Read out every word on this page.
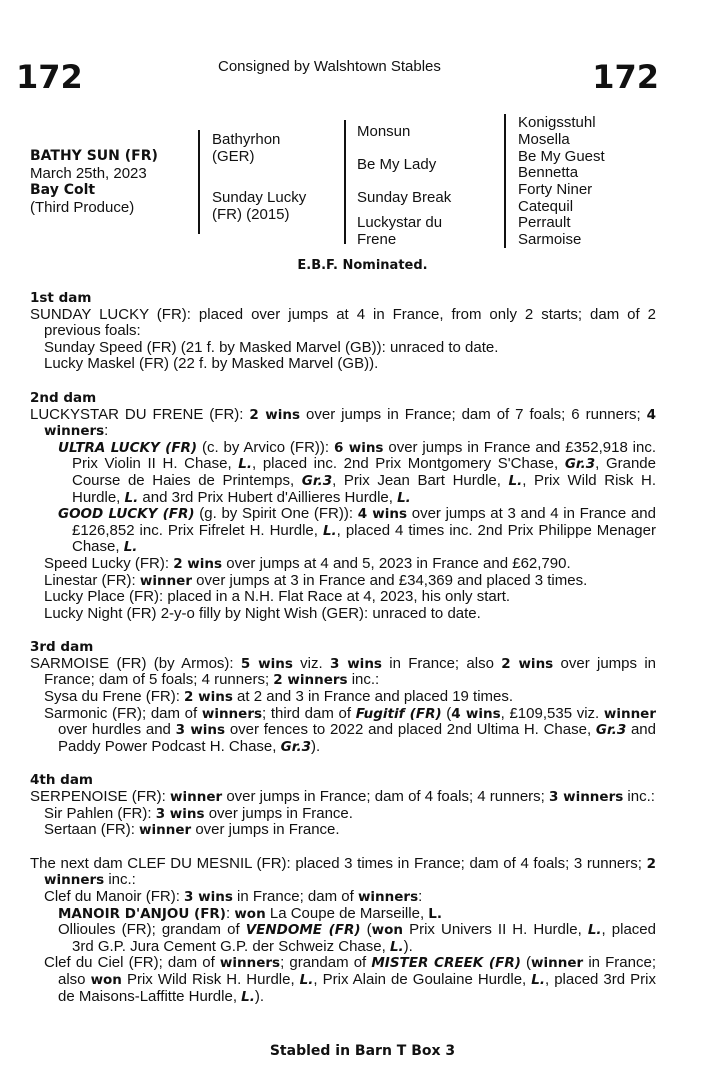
172	Consigned by Walshtown Stables	172
BATHY SUN (FR)
March 25th, 2023
Bay Colt
(Third Produce)
Bathyrhon (GER)
Sunday Lucky (FR) (2015)
Monsun
Be My Lady
Sunday Break
Luckystar du Frene
Konigsstuhl
Mosella
Be My Guest
Bennetta
Forty Niner
Catequil
Perrault
Sarmoise
E.B.F. Nominated.
1st dam
SUNDAY LUCKY (FR): placed over jumps at 4 in France, from only 2 starts; dam of 2 previous foals:
Sunday Speed (FR) (21 f. by Masked Marvel (GB)): unraced to date.
Lucky Maskel (FR) (22 f. by Masked Marvel (GB)).
2nd dam
LUCKYSTAR DU FRENE (FR): 2 wins over jumps in France; dam of 7 foals; 6 runners; 4 winners:
ULTRA LUCKY (FR) (c. by Arvico (FR)): 6 wins over jumps in France and £352,918 inc. Prix Violin II H. Chase, L., placed inc. 2nd Prix Montgomery S'Chase, Gr.3, Grande Course de Haies de Printemps, Gr.3, Prix Jean Bart Hurdle, L., Prix Wild Risk H. Hurdle, L. and 3rd Prix Hubert d'Aillieres Hurdle, L.
GOOD LUCKY (FR) (g. by Spirit One (FR)): 4 wins over jumps at 3 and 4 in France and £126,852 inc. Prix Fifrelet H. Hurdle, L., placed 4 times inc. 2nd Prix Philippe Menager Chase, L.
Speed Lucky (FR): 2 wins over jumps at 4 and 5, 2023 in France and £62,790.
Linestar (FR): winner over jumps at 3 in France and £34,369 and placed 3 times.
Lucky Place (FR): placed in a N.H. Flat Race at 4, 2023, his only start.
Lucky Night (FR) 2-y-o filly by Night Wish (GER): unraced to date.
3rd dam
SARMOISE (FR) (by Armos): 5 wins viz. 3 wins in France; also 2 wins over jumps in France; dam of 5 foals; 4 runners; 2 winners inc.:
Sysa du Frene (FR): 2 wins at 2 and 3 in France and placed 19 times.
Sarmonic (FR); dam of winners; third dam of Fugitif (FR) (4 wins, £109,535 viz. winner over hurdles and 3 wins over fences to 2022 and placed 2nd Ultima H. Chase, Gr.3 and Paddy Power Podcast H. Chase, Gr.3).
4th dam
SERPENOISE (FR): winner over jumps in France; dam of 4 foals; 4 runners; 3 winners inc.:
Sir Pahlen (FR): 3 wins over jumps in France.
Sertaan (FR): winner over jumps in France.
The next dam CLEF DU MESNIL (FR): placed 3 times in France; dam of 4 foals; 3 runners; 2 winners inc.:
Clef du Manoir (FR): 3 wins in France; dam of winners:
MANOIR D'ANJOU (FR): won La Coupe de Marseille, L.
Ollioules (FR); grandam of VENDOME (FR) (won Prix Univers II H. Hurdle, L., placed 3rd G.P. Jura Cement G.P. der Schweiz Chase, L.).
Clef du Ciel (FR); dam of winners; grandam of MISTER CREEK (FR) (winner in France; also won Prix Wild Risk H. Hurdle, L., Prix Alain de Goulaine Hurdle, L., placed 3rd Prix de Maisons-Laffitte Hurdle, L.).
Stabled in Barn T Box 3
